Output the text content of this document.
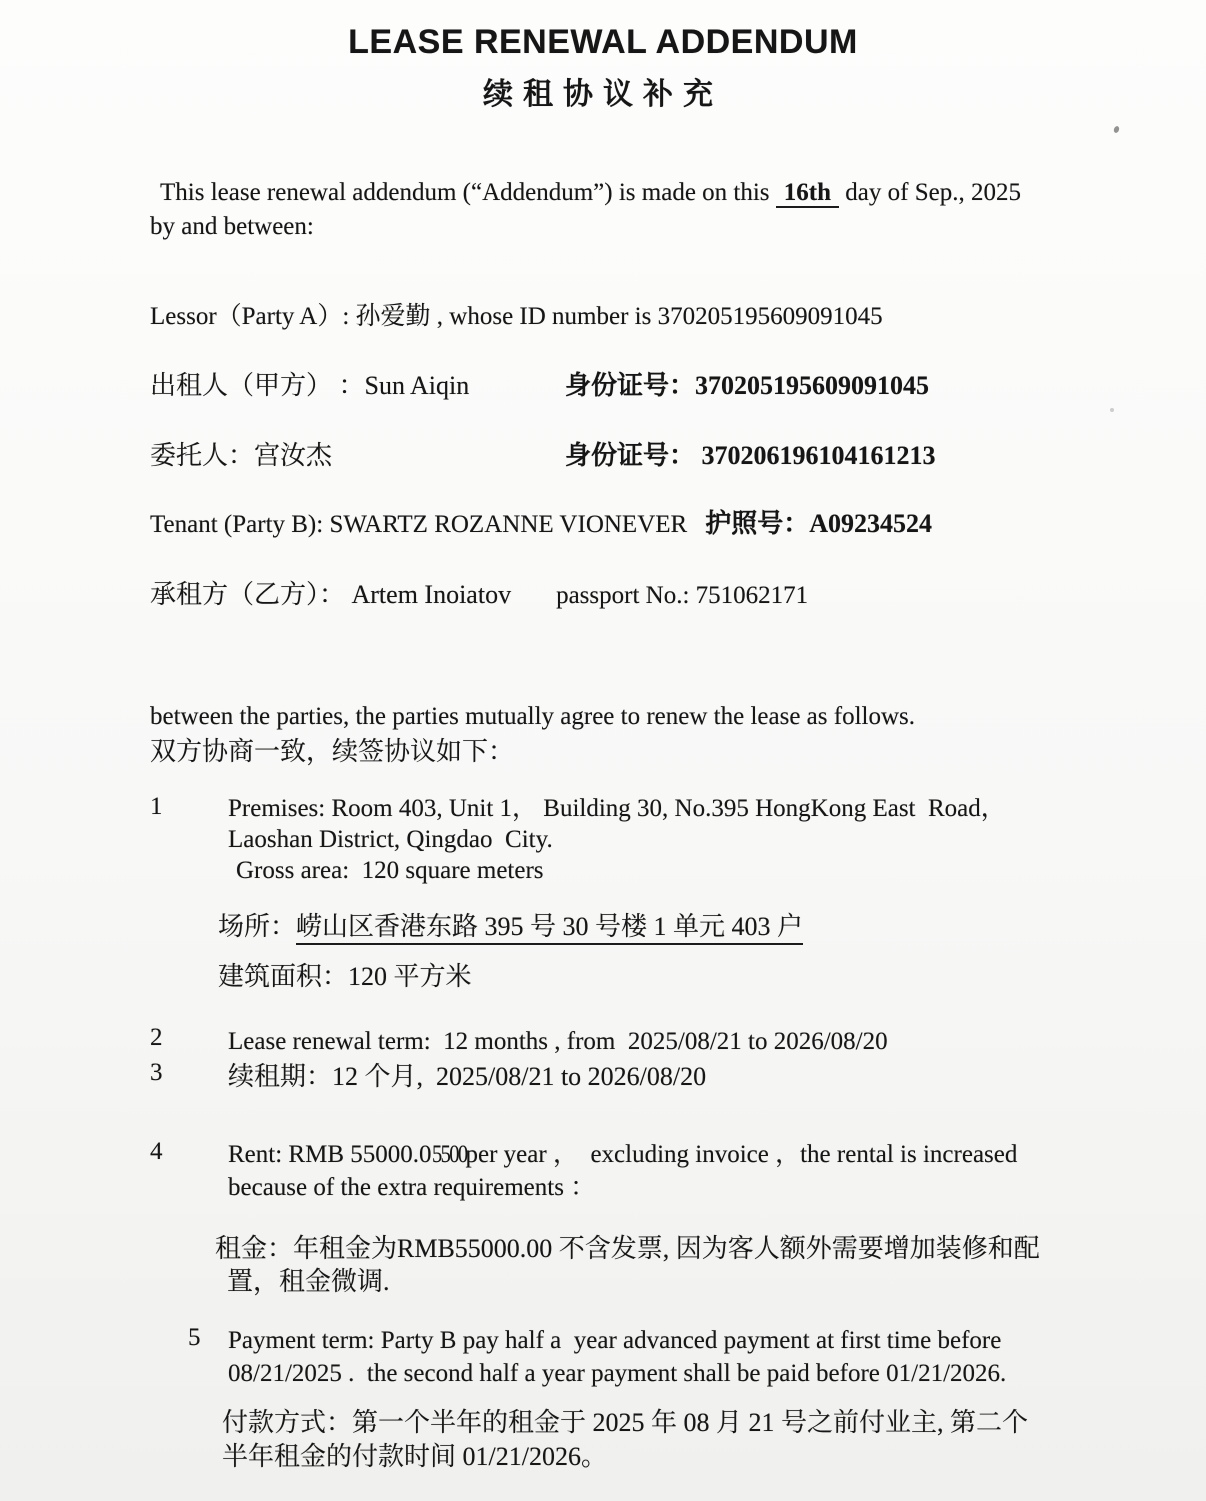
LEASE RENEWAL ADDENDUM
续租协议补充
This lease renewal addendum (“Addendum”) is made on this 16th day of Sep., 2025
by and between:
Lessor（Party A）: 孙爱勤 , whose ID number is 370205195609091045
出租人（甲方） ：Sun Aiqin	身份证号：370205195609091045
委托人：宫汝杰	身份证号： 370206196104161213
Tenant (Party B): SWARTZ ROZANNE VIONEVER 护照号：A09234524
承租方（乙方）： Artem Inoiatov passport No.: 751062171
between the parties, the parties mutually agree to renew the lease as follows.
双方协商一致，续签协议如下：
1	Premises: Room 403, Unit 1， Building 30, No.395 HongKong East  Road，
Laoshan District, Qingdao  City.
Gross area:  120 square meters
场所：崂山区香港东路 395 号 30 号楼 1 单元 403 户
建筑面积：120 平方米
2	Lease renewal term:  12 months , from  2025/08/21 to 2026/08/20
3	续租期：12 个月,  2025/08/21 to 2026/08/20
4	Rent: RMB 55000.05500per year ，  excluding invoice ，the rental is increased
because of the extra requirements ：
租金：年租金为RMB55000.00 不含发票, 因为客人额外需要增加装修和配
置，租金微调.
5	Payment term: Party B pay half a  year advanced payment at first time before
08/21/2025 .  the second half a year payment shall be paid before 01/21/2026.
付款方式：第一个半年的租金于 2025 年 08 月 21 号之前付业主, 第二个
半年租金的付款时间 01/21/2026。
